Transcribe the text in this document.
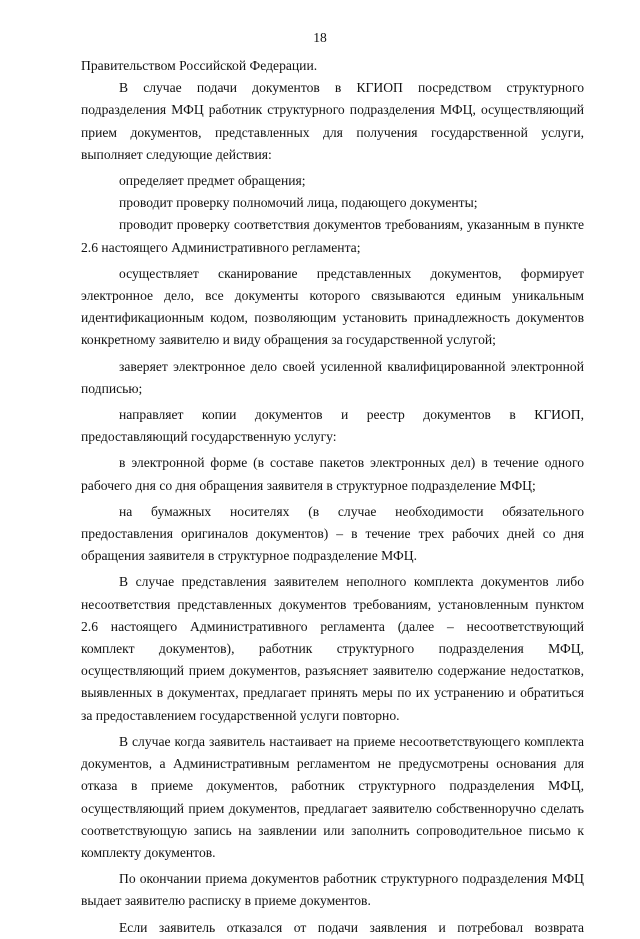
18

Правительством Российской Федерации.

В случае подачи документов в КГИОП посредством структурного подразделения МФЦ работник структурного подразделения МФЦ, осуществляющий прием документов, представленных для получения государственной услуги, выполняет следующие действия:

определяет предмет обращения;

проводит проверку полномочий лица, подающего документы;

проводит проверку соответствия документов требованиям, указанным в пункте 2.6 настоящего Административного регламента;

осуществляет сканирование представленных документов, формирует электронное дело, все документы которого связываются единым уникальным идентификационным кодом, позволяющим установить принадлежность документов конкретному заявителю и виду обращения за государственной услугой;

заверяет электронное дело своей усиленной квалифицированной электронной подписью;

направляет копии документов и реестр документов в КГИОП, предоставляющий государственную услугу:

в электронной форме (в составе пакетов электронных дел) в течение одного рабочего дня со дня обращения заявителя в структурное подразделение МФЦ;

на бумажных носителях (в случае необходимости обязательного предоставления оригиналов документов) – в течение трех рабочих дней со дня обращения заявителя в структурное подразделение МФЦ.

В случае представления заявителем неполного комплекта документов либо несоответствия представленных документов требованиям, установленным пунктом 2.6 настоящего Административного регламента (далее – несоответствующий комплект документов), работник структурного подразделения МФЦ, осуществляющий прием документов, разъясняет заявителю содержание недостатков, выявленных в документах, предлагает принять меры по их устранению и обратиться за предоставлением государственной услуги повторно.

В случае когда заявитель настаивает на приеме несоответствующего комплекта документов, а Административным регламентом не предусмотрены основания для отказа в приеме документов, работник структурного подразделения МФЦ, осуществляющий прием документов, предлагает заявителю собственноручно сделать соответствующую запись на заявлении или заполнить сопроводительное письмо к комплекту документов.

По окончании приема документов работник структурного подразделения МФЦ выдает заявителю расписку в приеме документов.

Если заявитель отказался от подачи заявления и потребовал возврата
